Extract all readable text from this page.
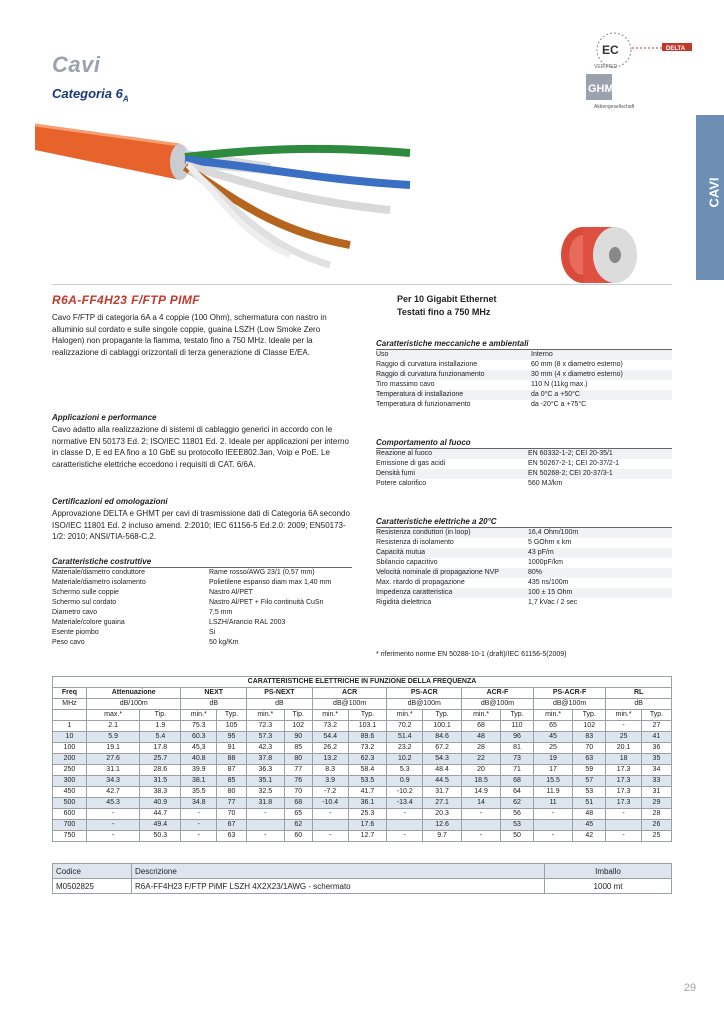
Cavi
Categoria $6_A$
EC
VERIFIED
DELTA
GHMT
Aktiengesellschaft
CAVI
R6A-FF4H23 F/FTP PIMF	Per 10 Gigabit Ethernet
Testati fino a 750 MHz
Cavo F/FTP di categoria 6A a 4 coppie (100 Ohm), schermatura con nastro in alluminio sul cordato e sulle singole coppie, guaina LSZH (Low Smoke Zero Halogen) non propagante la fiamma, testato fino a 750 MHz. Ideale per la realizzazione di cablaggi orizzontali di terza generazione di Classe E/EA.
Applicazioni e performance
Cavo adatto alla realizzazione di sistemi di cablaggio generici in accordo con le normative EN 50173 Ed. 2; ISO/IEC 11801 Ed. 2. Ideale per applicazioni per interno in classe D, E ed EA fino a 10 GbE su protocollo IEEE802.3an, Voip e PoE. Le caratteristiche elettriche eccedono i requisiti di CAT. 6/6A.
Certificazioni ed omologazioni
Approvazione DELTA e GHMT per cavi di trasmissione dati di Categoria 6A secondo ISO/IEC 11801 Ed. 2 incluso amend. 2:2010; IEC 61156-5 Ed.2.0: 2009; EN50173-1/2: 2010; ANSI/TIA-568-C.2.
Caratteristiche costruttive
Materiale/diametro conduttore	Rame rosso/AWG 23/1 (0,57 mm)
Materiale/diametro isolamento	Polietilene espanso diam max 1,40 mm
Schermo sulle coppie	Nastro Al/PET
Schermo sul cordato	Nastro Al/PET + Filo continuità CuSn
Diametro cavo	7,5 mm
Materiale/colore guaina	LSZH/Arancio RAL 2003
Esente piombo	Si
Peso cavo	50 kg/Km
Caratteristiche meccaniche e ambientali
Uso	Interno
Raggio di curvatura installazione	60 mm (8 x diametro esterno)
Raggio di curvatura funzionamento	30 mm (4 x diametro esterno)
Tiro massimo cavo	110 N (11kg max.)
Temperatura di installazione	da 0°C a +50°C
Temperatura di funzionamento	da -20°C a +75°C
Comportamento al fuoco
Reazione al fuoco	EN 60332-1-2; CEI 20-35/1
Emissione di gas acidi	EN 50267-2-1; CEI 20-37/2-1
Densità fumi	EN 50268-2; CEI 20-37/3-1
Potere calorifico	560 MJ/km
Caratteristiche elettriche a 20°C
Resistenza conduttori (in loop)	16,4 Ohm/100m
Resistenza di isolamento	5 GOhm x km
Capacità mutua	43 pF/m
Sbilancio capacitivo	1000pF/km
Velocità nominale di propagazione NVP	80%
Max. ritardo di propagazione	435 ns/100m
Impedenza caratteristica	100 ± 15 Ohm
Rigidità dielettrica	1,7 kVac / 2 sec
* riferimento norme EN 50288-10-1 (draft)/IEC 61156-5(2009)
CARATTERISTICHE ELETTRICHE IN FUNZIONE DELLA FREQUENZA																
Freq	Attenuazione		NEXT		PS-NEXT		ACR		PS-ACR		ACR-F		PS-ACR-F		RL	
MHz	dB/100m		dB		dB		dB@100m		dB@100m		dB@100m		dB@100m		dB	
	max.*	Tip.	min.*	Typ.	min.*	Tip.	min.*	Typ.	min.*	Typ.	min.*	Typ.	min.*	Typ.	min.*	Typ.
1	2.1	1.9	75.3	105	72.3	102	73.2	103.1	70.2	100.1	68	110	65	102	-	27
10	5.9	5.4	60.3	95	57.3	90	54.4	89.6	51.4	84.6	48	96	45	83	25	41
100	19.1	17.8	45,3	91	42.3	85	26.2	73.2	23.2	67.2	28	81	25	70	20.1	36
200	27.6	25.7	40.8	88	37.8	80	13.2	62.3	10.2	54.3	22	73	19	63	18	35
250	31.1	28.6	39.9	87	36.3	77	8.3	58.4	5.3	48.4	20	71	17	59	17.3	34
300	34.3	31.5	38.1	85	35.1	76	3.9	53.5	0.9	44.5	18.5	68	15.5	57	17.3	33
450	42.7	38.3	35.5	80	32.5	70	-7.2	41.7	-10.2	31.7	14.9	64	11.9	53	17.3	31
500	45.3	40.9	34.8	77	31.8	68	-10.4	36.1	-13.4	27.1	14	62	11	51	17.3	29
600	-	44.7	-	70	-	65	-	25.3	-	20.3	-	56	-	48	-	28
700	-	49.4	-	67		62		17.6		12.6		53		45		26
750	-	50.3	-	63	-	60	-	12.7	-	9.7	-	50	-	42	-	25
Codice	Descrizione	Imballo
M0502825	R6A-FF4H23 F/FTP PiMF LSZH 4X2X23/1AWG - schermato	1000 mt
29
